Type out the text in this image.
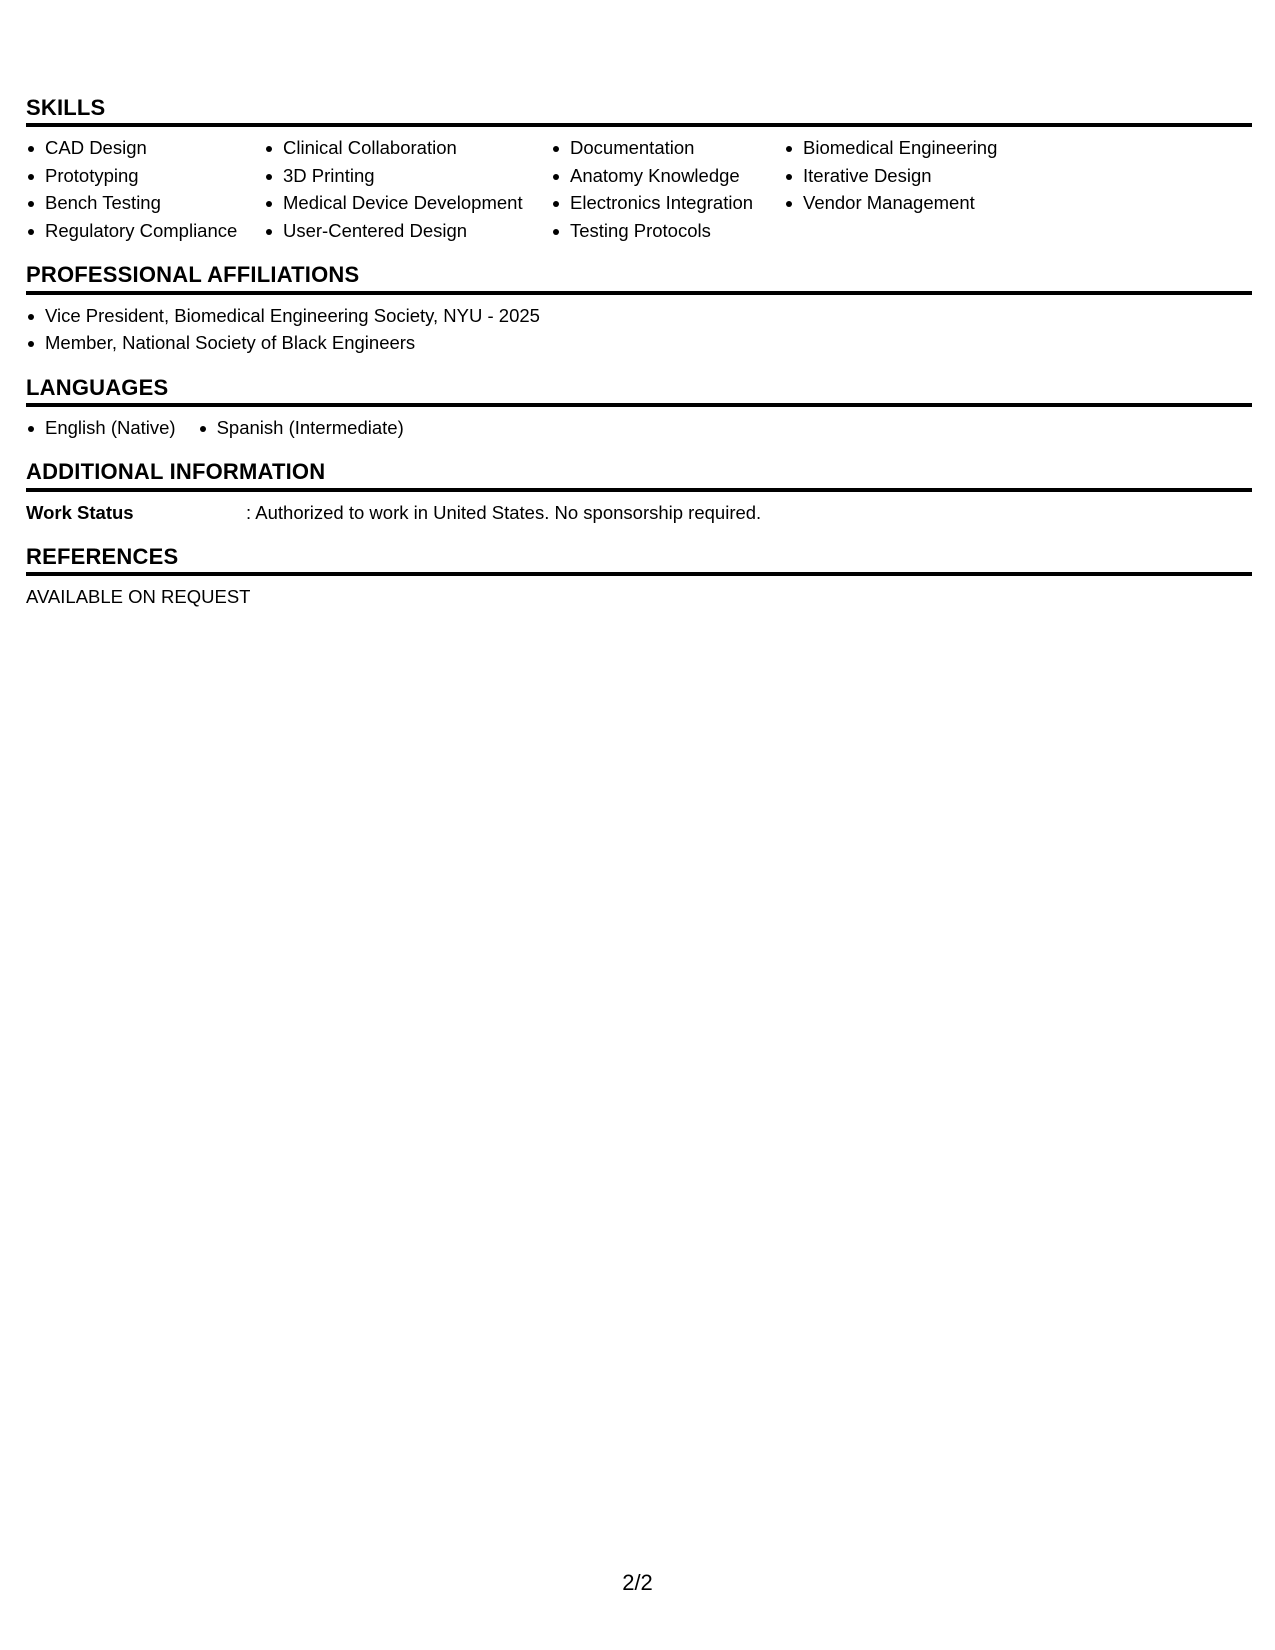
SKILLS
CAD Design
Prototyping
Bench Testing
Regulatory Compliance
Clinical Collaboration
3D Printing
Medical Device Development
User-Centered Design
Documentation
Anatomy Knowledge
Electronics Integration
Testing Protocols
Biomedical Engineering
Iterative Design
Vendor Management
PROFESSIONAL AFFILIATIONS
Vice President, Biomedical Engineering Society, NYU - 2025
Member, National Society of Black Engineers
LANGUAGES
English (Native)	Spanish (Intermediate)
ADDITIONAL INFORMATION
Work Status
:	Authorized to work in United States. No sponsorship required.
REFERENCES
AVAILABLE ON REQUEST
2/2
